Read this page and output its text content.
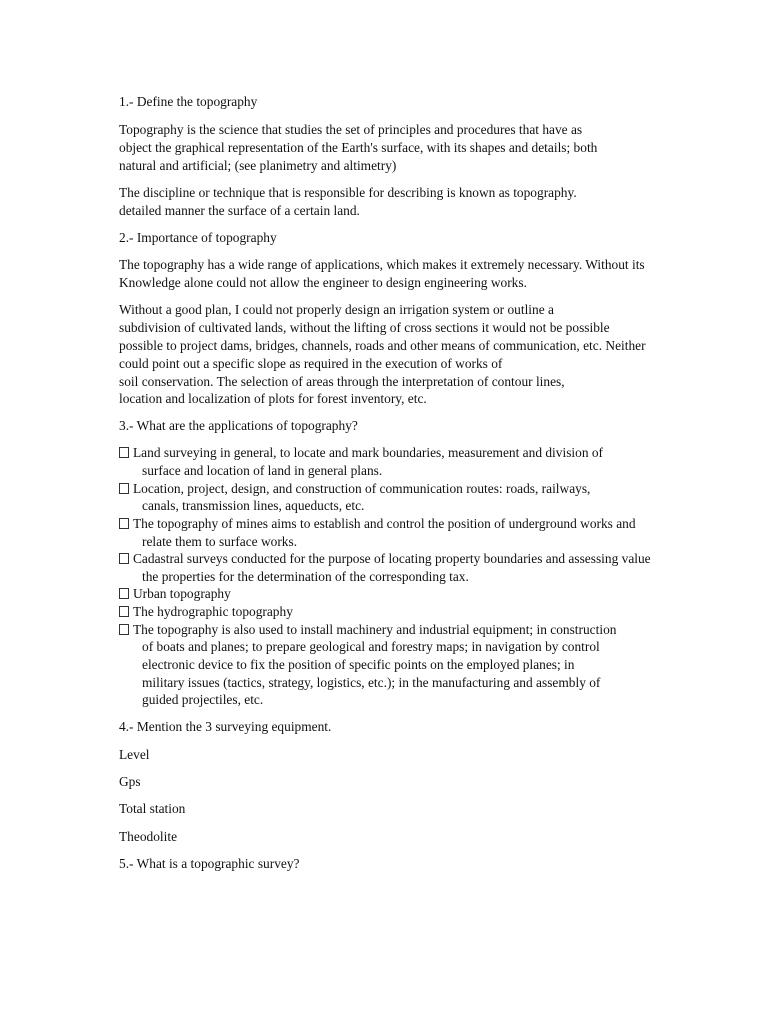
1.- Define the topography
Topography is the science that studies the set of principles and procedures that have as
object the graphical representation of the Earth's surface, with its shapes and details; both
natural and artificial; (see planimetry and altimetry)
The discipline or technique that is responsible for describing is known as topography.
detailed manner the surface of a certain land.
2.- Importance of topography
The topography has a wide range of applications, which makes it extremely necessary. Without its
Knowledge alone could not allow the engineer to design engineering works.
Without a good plan, I could not properly design an irrigation system or outline a
subdivision of cultivated lands, without the lifting of cross sections it would not be possible
possible to project dams, bridges, channels, roads and other means of communication, etc. Neither
could point out a specific slope as required in the execution of works of
soil conservation. The selection of areas through the interpretation of contour lines,
location and localization of plots for forest inventory, etc.
3.- What are the applications of topography?
Land surveying in general, to locate and mark boundaries, measurement and division of
surface and location of land in general plans.
Location, project, design, and construction of communication routes: roads, railways,
canals, transmission lines, aqueducts, etc.
The topography of mines aims to establish and control the position of underground works and
relate them to surface works.
Cadastral surveys conducted for the purpose of locating property boundaries and assessing value
the properties for the determination of the corresponding tax.
Urban topography
The hydrographic topography
The topography is also used to install machinery and industrial equipment; in construction
of boats and planes; to prepare geological and forestry maps; in navigation by control
electronic device to fix the position of specific points on the employed planes; in
military issues (tactics, strategy, logistics, etc.); in the manufacturing and assembly of
guided projectiles, etc.
4.- Mention the 3 surveying equipment.
Level
Gps
Total station
Theodolite
5.- What is a topographic survey?
